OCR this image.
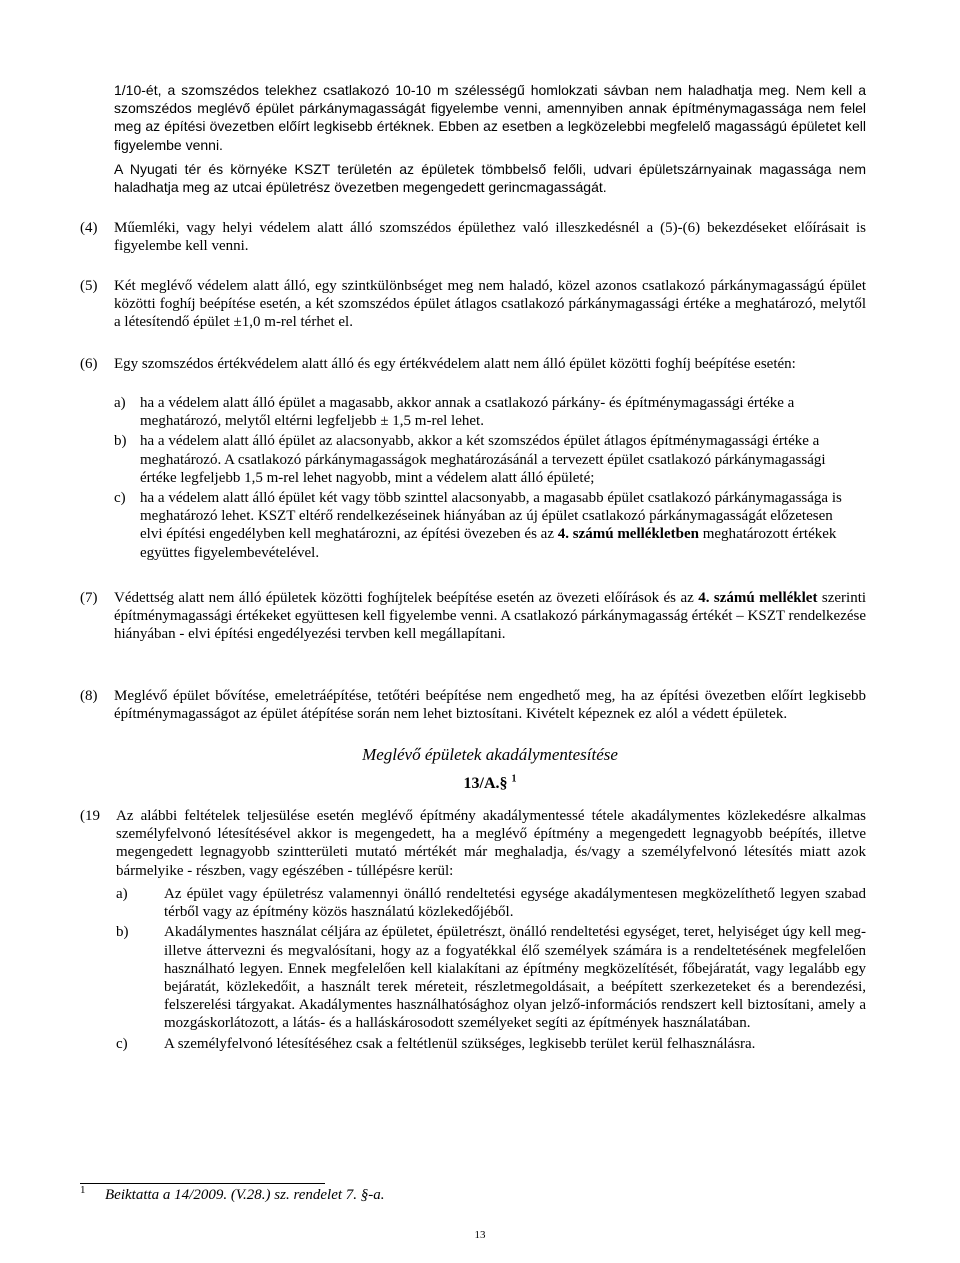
1/10-ét, a szomszédos telekhez csatlakozó 10-10 m szélességű homlokzati sávban nem haladhatja meg. Nem kell a szomszédos meglévő épület párkánymagasságát figyelembe venni, amennyiben annak építménymagassága nem felel meg az építési övezetben előírt legkisebb értéknek. Ebben az esetben a legközelebbi megfelelő magasságú épületet kell figyelembe venni.
A Nyugati tér és környéke KSZT területén az épületek tömbbelső felőli, udvari épületszárnyainak magassága nem haladhatja meg az utcai épületrész övezetben megengedett gerincmagasságát.
(4) Műemléki, vagy helyi védelem alatt álló szomszédos épülethez való illeszkedésnél a (5)-(6) bekezdéseket előírásait is figyelembe kell venni.
(5) Két meglévő védelem alatt álló, egy szintkülönbséget meg nem haladó, közel azonos csatlakozó párkánymagasságú épület közötti foghíj beépítése esetén, a két szomszédos épület átlagos csatlakozó párkánymagassági értéke a meghatározó, melytől a létesítendő épület ±1,0 m-rel térhet el.
(6) Egy szomszédos értékvédelem alatt álló és egy értékvédelem alatt nem álló épület közötti foghíj beépítése esetén:
a) ha a védelem alatt álló épület a magasabb, akkor annak a csatlakozó párkány- és építménymagassági értéke a meghatározó, melytől eltérni legfeljebb ± 1,5 m-rel lehet.
b) ha a védelem alatt álló épület az alacsonyabb, akkor a két szomszédos épület átlagos építménymagassági értéke a meghatározó. A csatlakozó párkánymagasságok meghatározásánál a tervezett épület csatlakozó párkánymagassági értéke legfeljebb 1,5 m-rel lehet nagyobb, mint a védelem alatt álló épületé;
c) ha a védelem alatt álló épület két vagy több szinttel alacsonyabb, a magasabb épület csatlakozó párkánymagassága is meghatározó lehet. KSZT eltérő rendelkezéseinek hiányában az új épület csatlakozó párkánymagasságát előzetesen elvi építési engedélyben kell meghatározni, az építési övezeben és az 4. számú mellékletben meghatározott értékek együttes figyelembevételével.
(7) Védettség alatt nem álló épületek közötti foghíjtelek beépítése esetén az övezeti előírások és az 4. számú melléklet szerinti építménymagassági értékeket együttesen kell figyelembe venni. A csatlakozó párkánymagasság értékét – KSZT rendelkezése hiányában - elvi építési engedélyezési tervben kell megállapítani.
(8) Meglévő épület bővítése, emeletráépítése, tetőtéri beépítése nem engedhető meg, ha az építési övezetben előírt legkisebb építménymagasságot az épület átépítése során nem lehet biztosítani. Kivételt képeznek ez alól a védett épületek.
Meglévő épületek akadálymentesítése
13/A.§ $^1$
(19 Az alábbi feltételek teljesülése esetén meglévő építmény akadálymentessé tétele akadálymentes közlekedésre alkalmas személyfelvonó létesítésével akkor is megengedett, ha a meglévő építmény a megengedett legnagyobb beépítés, illetve megengedett legnagyobb szintterületi mutató mértékét már meghaladja, és/vagy a személyfelvonó létesítés miatt azok bármelyike - részben, vagy egészében - túllépésre kerül:
a)	Az épület vagy épületrész valamennyi önálló rendeltetési egysége akadálymentesen megközelíthető legyen szabad térből vagy az építmény közös használatú közlekedőjéből.
b)	Akadálymentes használat céljára az épületet, épületrészt, önálló rendeltetési egységet, teret, helyiséget úgy kell meg- illetve áttervezni és megvalósítani, hogy az a fogyatékkal élő személyek számára is a rendeltetésének megfelelően használható legyen. Ennek megfelelően kell kialakítani az építmény megközelítését, főbejáratát, vagy legalább egy bejáratát, közlekedőit, a használt terek méreteit, részletmegoldásait, a beépített szerkezeteket és a berendezési, felszerelési tárgyakat. Akadálymentes használhatósághoz olyan jelző-információs rendszert kell biztosítani, amely a mozgáskorlátozott, a látás- és a halláskárosodott személyeket segíti az építmények használatában.
c)	A személyfelvonó létesítéséhez csak a feltétlenül szükséges, legkisebb terület kerül felhasználásra.
$^1$ Beiktatta a 14/2009. (V.28.) sz. rendelet 7. §-a.
13
